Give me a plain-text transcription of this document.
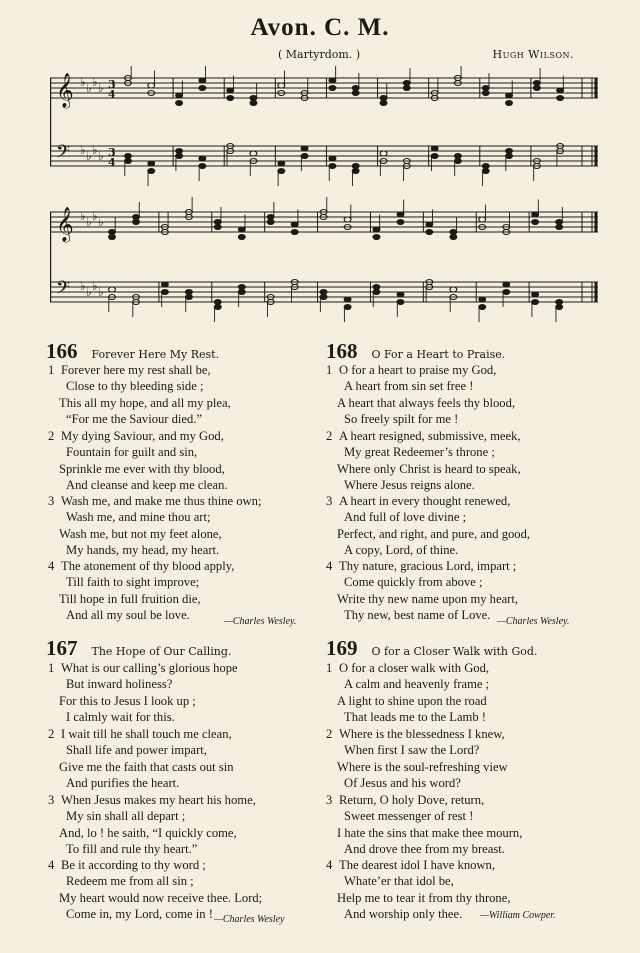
Avon. C. M.
( Martyrdom. )	Hugh Wilson.
𝄞 ♭ ♭ ♭ ♭ 3
4
𝄢 ♭ ♭ ♭ ♭ 3
4
𝄞 ♭ ♭ ♭ ♭
𝄢 ♭ ♭ ♭ ♭
166 Forever Here My Rest.
1 Forever here my rest shall be,
Close to thy bleeding side ;
This all my hope, and all my plea,
“For me the Saviour died.”
2 My dying Saviour, and my God,
Fountain for guilt and sin,
Sprinkle me ever with thy blood,
And cleanse and keep me clean.
3 Wash me, and make me thus thine own;
Wash me, and mine thou art;
Wash me, but not my feet alone,
My hands, my head, my heart.
4 The atonement of thy blood apply,
Till faith to sight improve;
Till hope in full fruition die,
And all my soul be love.	—Charles Wesley.
167 The Hope of Our Calling.
1 What is our calling’s glorious hope
But inward holiness?
For this to Jesus I look up ;
I calmly wait for this.
2 I wait till he shall touch me clean,
Shall life and power impart,
Give me the faith that casts out sin
And purifies the heart.
3 When Jesus makes my heart his home,
My sin shall all depart ;
And, lo ! he saith, “I quickly come,
To fill and rule thy heart.”
4 Be it according to thy word ;
Redeem me from all sin ;
My heart would now receive thee. Lord;
Come in, my Lord, come in ! —Charles Wesley
168 O For a Heart to Praise.
1 O for a heart to praise my God,
A heart from sin set free !
A heart that always feels thy blood,
So freely spilt for me !
2 A heart resigned, submissive, meek,
My great Redeemer’s throne ;
Where only Christ is heard to speak,
Where Jesus reigns alone.
3 A heart in every thought renewed,
And full of love divine ;
Perfect, and right, and pure, and good,
A copy, Lord, of thine.
4 Thy nature, gracious Lord, impart ;
Come quickly from above ;
Write thy new name upon my heart,
Thy new, best name of Love. —Charles Wesley.
169 O for a Closer Walk with God.
1 O for a closer walk with God,
A calm and heavenly frame ;
A light to shine upon the road
That leads me to the Lamb !
2 Where is the blessedness I knew,
When first I saw the Lord?
Where is the soul-refreshing view
Of Jesus and his word?
3 Return, O holy Dove, return,
Sweet messenger of rest !
I hate the sins that make thee mourn,
And drove thee from my breast.
4 The dearest idol I have known,
Whate’er that idol be,
Help me to tear it from thy throne,
And worship only thee.	—William Cowper.
